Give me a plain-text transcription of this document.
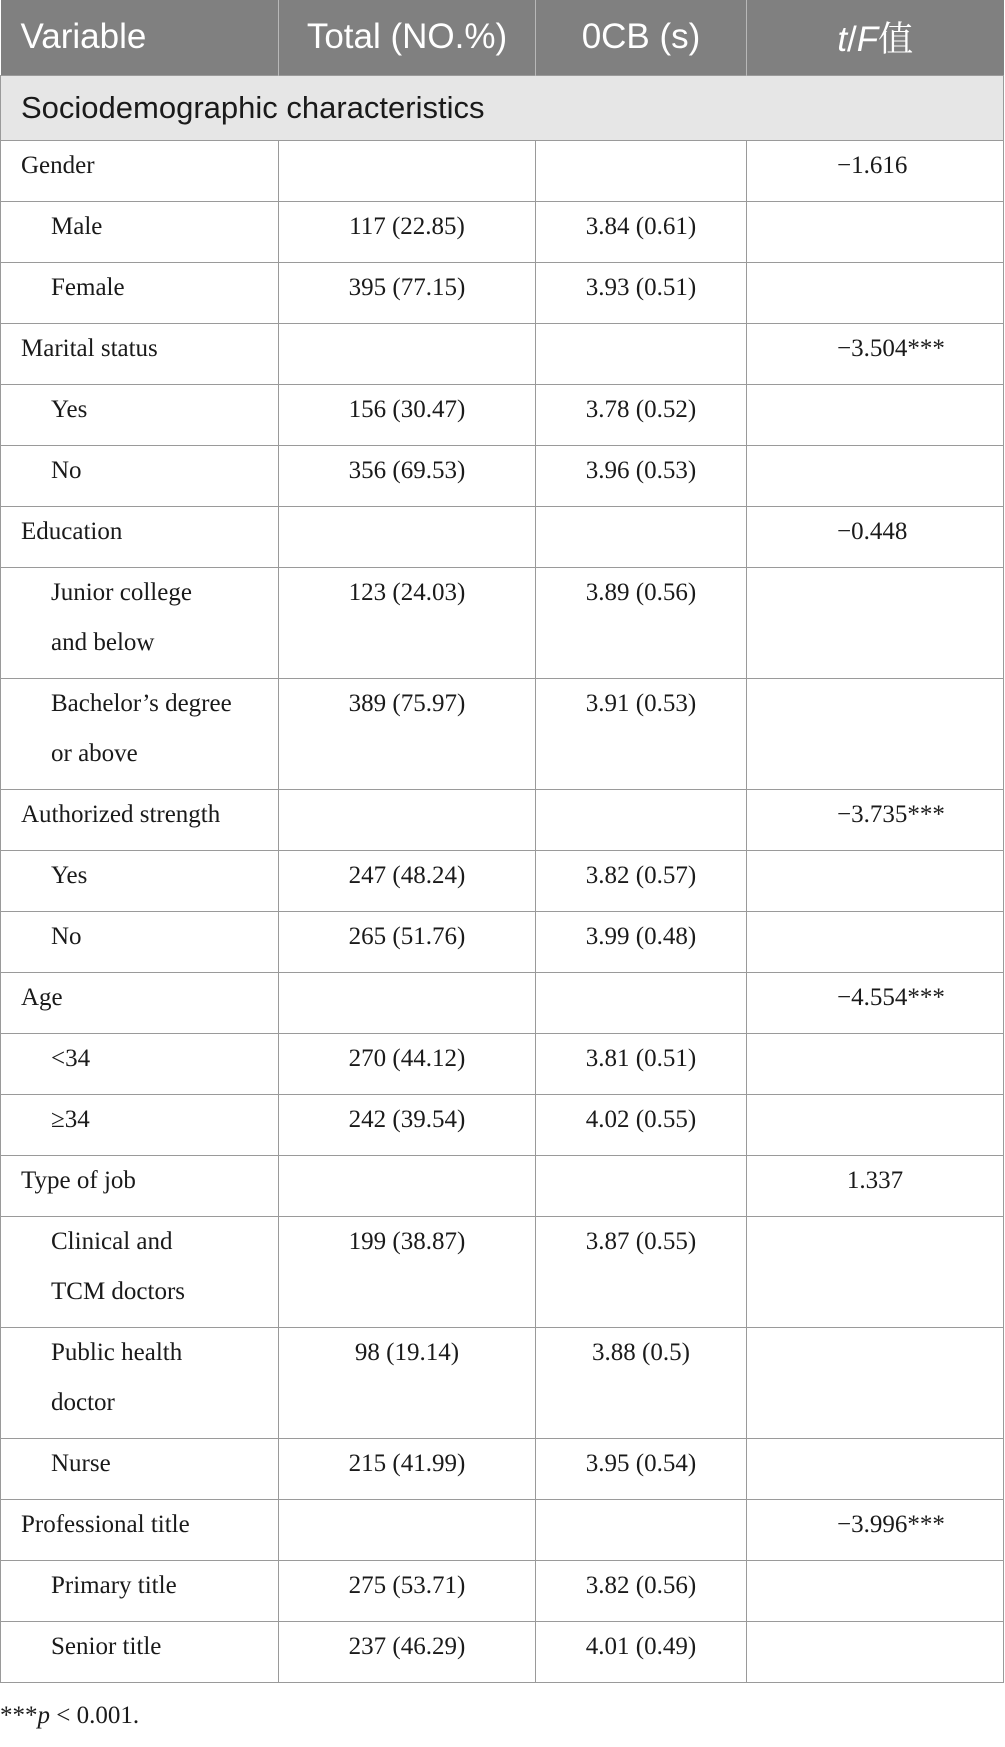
Variable	Total (NO.%)	0CB (s)	t/F值
Sociodemographic characteristics			
Gender			−1.616
Male	117 (22.85)	3.84 (0.61)	
Female	395 (77.15)	3.93 (0.51)	
Marital status			−3.504***
Yes	156 (30.47)	3.78 (0.52)	
No	356 (69.53)	3.96 (0.53)	
Education			−0.448
Junior college
and below	123 (24.03)	3.89 (0.56)	
Bachelor’s degree
or above	389 (75.97)	3.91 (0.53)	
Authorized strength			−3.735***
Yes	247 (48.24)	3.82 (0.57)	
No	265 (51.76)	3.99 (0.48)	
Age			−4.554***
<34	270 (44.12)	3.81 (0.51)	
≥34	242 (39.54)	4.02 (0.55)	
Type of job			1.337
Clinical and
TCM doctors	199 (38.87)	3.87 (0.55)	
Public health
doctor	98 (19.14)	3.88 (0.5)	
Nurse	215 (41.99)	3.95 (0.54)	
Professional title			−3.996***
Primary title	275 (53.71)	3.82 (0.56)	
Senior title	237 (46.29)	4.01 (0.49)	
***p < 0.001.
